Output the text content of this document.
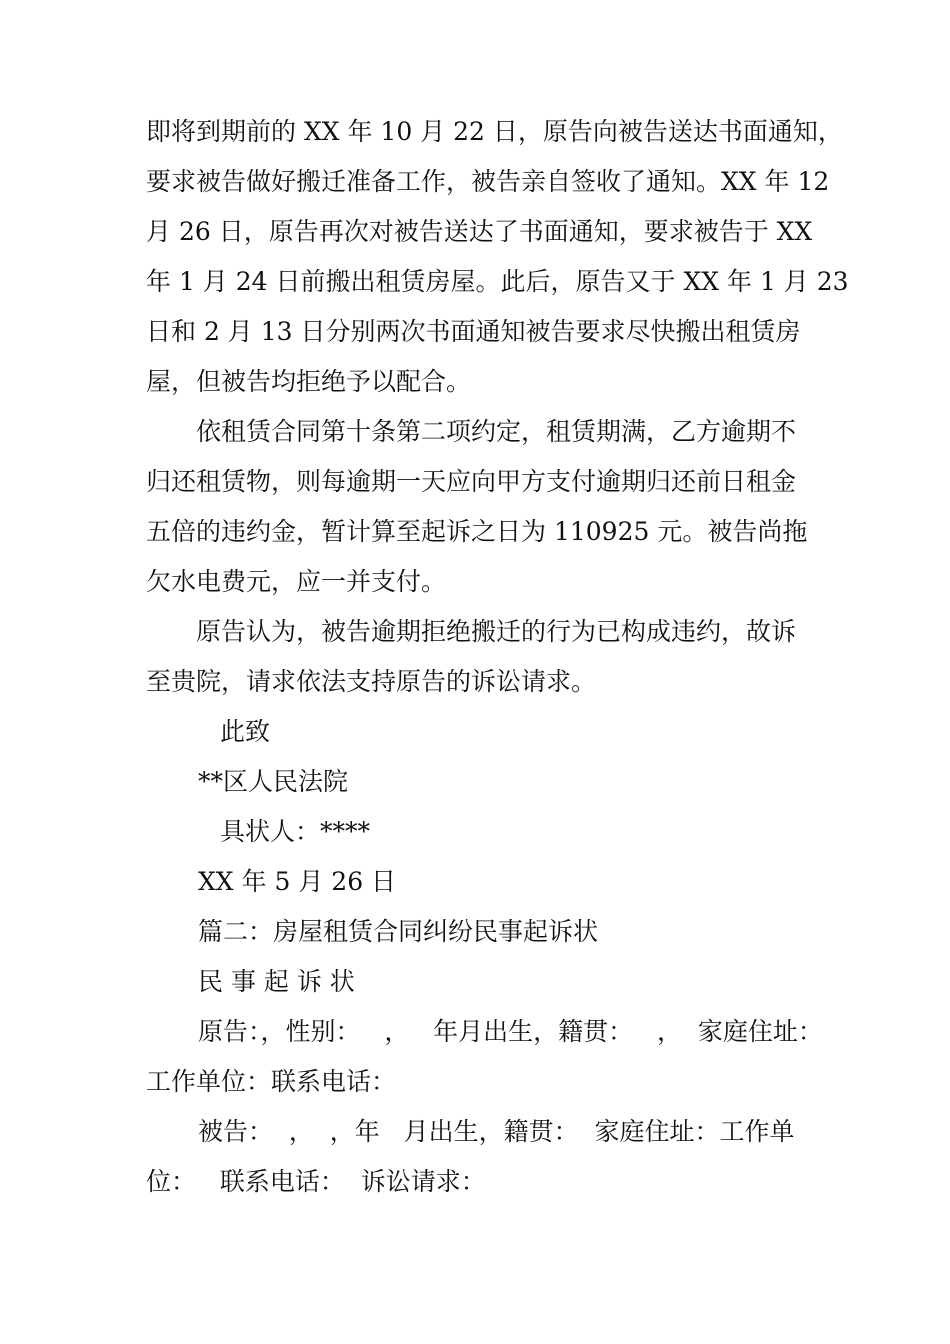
即将到期前的 XX 年 10 月 22 日，原告向被告送达书面通知，
要求被告做好搬迁准备工作，被告亲自签收了通知。XX 年 12
月 26 日，原告再次对被告送达了书面通知，要求被告于 XX
年 1 月 24 日前搬出租赁房屋。此后，原告又于 XX 年 1 月 23
日和 2 月 13 日分别两次书面通知被告要求尽快搬出租赁房
屋，但被告均拒绝予以配合。
依租赁合同第十条第二项约定，租赁期满，乙方逾期不
归还租赁物，则每逾期一天应向甲方支付逾期归还前日租金
五倍的违约金，暂计算至起诉之日为 110925 元。被告尚拖
欠水电费元，应一并支付。
原告认为，被告逾期拒绝搬迁的行为已构成违约，故诉
至贵院，请求依法支持原告的诉讼请求。
此致
**区人民法院
具状人：****
XX 年 5 月 26 日
篇二：房屋租赁合同纠纷民事起诉状
民 事 起 诉 状
原告：，性别：   ，   年月出生，籍贯：   ，  家庭住址：
工作单位：联系电话：
被告：  ，  ，年   月出生，籍贯：  家庭住址：工作单
位：   联系电话：  诉讼请求：
